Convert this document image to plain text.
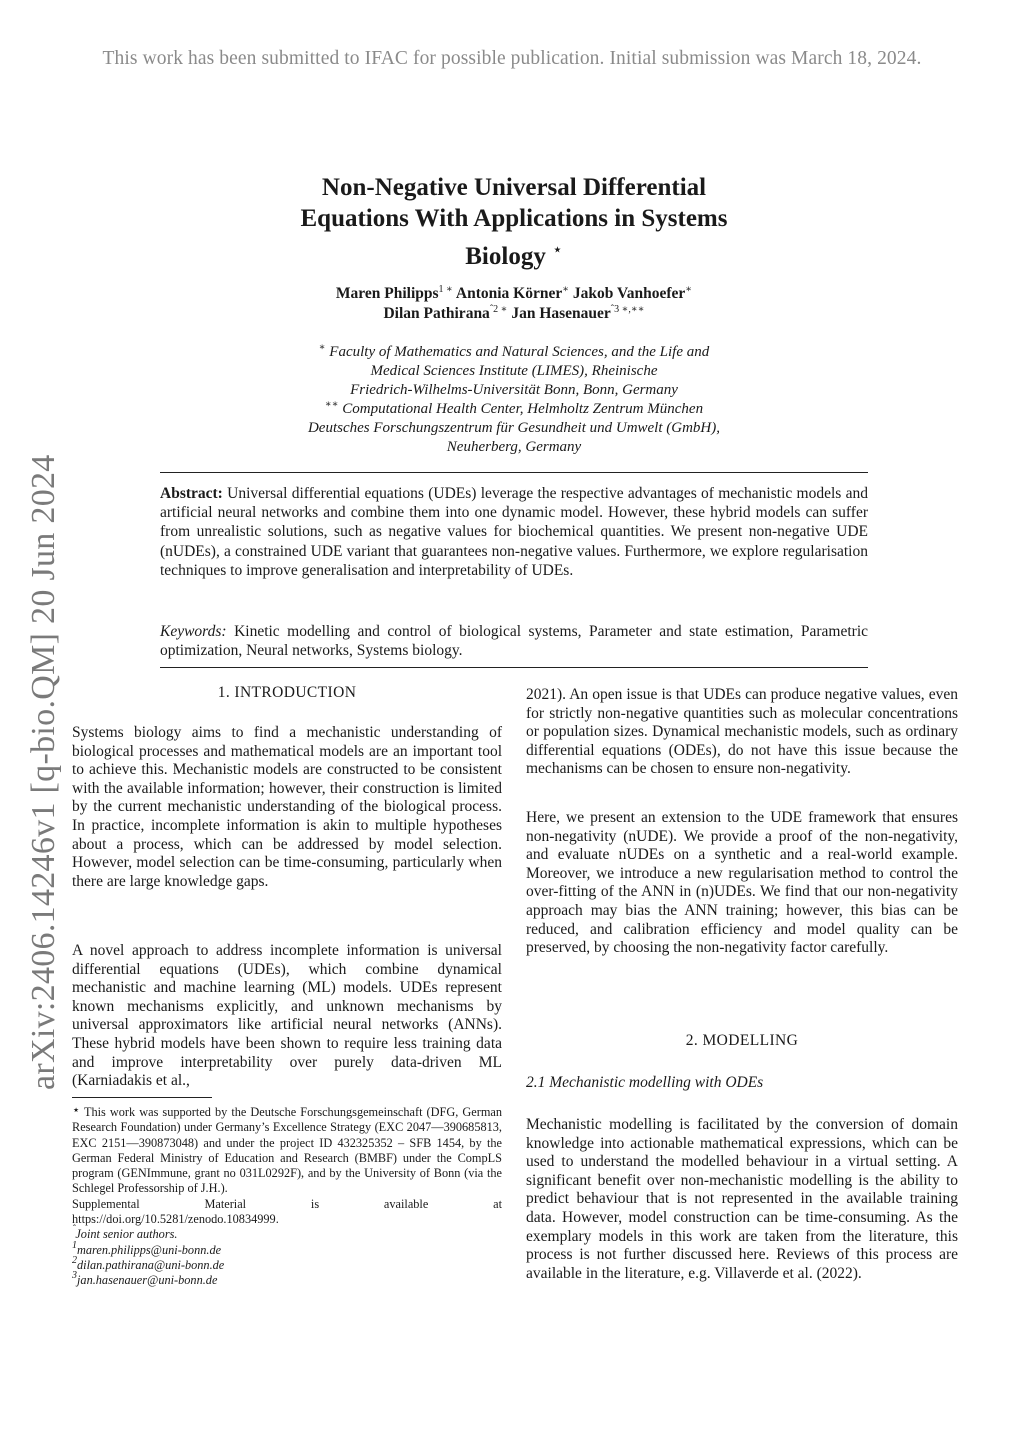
This work has been submitted to IFAC for possible publication. Initial submission was March 18, 2024.
arXiv:2406.14246v1 [q-bio.QM] 20 Jun 2024
Non-Negative Universal Differential
Equations With Applications in Systems
Biology ⋆
Maren Philipps$^{1 ∗}$ Antonia Körner∗ Jakob Vanhoefer∗
Dilan Pathirana$^{ˆ2 ∗}$ Jan Hasenauer$^{ˆ3 ∗,∗∗}$
∗ Faculty of Mathematics and Natural Sciences, and the Life and
Medical Sciences Institute (LIMES), Rheinische
Friedrich-Wilhelms-Universität Bonn, Bonn, Germany
∗∗ Computational Health Center, Helmholtz Zentrum München
Deutsches Forschungszentrum für Gesundheit und Umwelt (GmbH),
Neuherberg, Germany
Abstract: Universal differential equations (UDEs) leverage the respective advantages of mechanistic models and artificial neural networks and combine them into one dynamic model. However, these hybrid models can suffer from unrealistic solutions, such as negative values for biochemical quantities. We present non-negative UDE (nUDEs), a constrained UDE variant that guarantees non-negative values. Furthermore, we explore regularisation techniques to improve generalisation and interpretability of UDEs.
Keywords: Kinetic modelling and control of biological systems, Parameter and state estimation, Parametric optimization, Neural networks, Systems biology.
1. INTRODUCTION

Systems biology aims to find a mechanistic understanding of biological processes and mathematical models are an important tool to achieve this. Mechanistic models are constructed to be consistent with the available information; however, their construction is limited by the current mechanistic understanding of the biological process. In practice, incomplete information is akin to multiple hypotheses about a process, which can be addressed by model selection. However, model selection can be time-consuming, particularly when there are large knowledge gaps.

A novel approach to address incomplete information is universal differential equations (UDEs), which combine dynamical mechanistic and machine learning (ML) models. UDEs represent known mechanisms explicitly, and unknown mechanisms by universal approximators like artificial neural networks (ANNs). These hybrid models have been shown to require less training data and improve interpretability over purely data-driven ML (Karniadakis et al.,

⋆ This work was supported by the Deutsche Forschungsgemeinschaft (DFG, German Research Foundation) under Germany’s Excellence Strategy (EXC 2047—390685813, EXC 2151—390873048) and under the project ID 432325352 – SFB 1454, by the German Federal Ministry of Education and Research (BMBF) under the CompLS program (GENImmune, grant no 031L0292F), and by the University of Bonn (via the Schlegel Professorship of J.H.).
Supplemental	Material	is	available	at
https://doi.org/10.5281/zenodo.10834999.
$^ˆ$Joint senior authors.
$^1$maren.philipps@uni-bonn.de
$^2$dilan.pathirana@uni-bonn.de
$^3$jan.hasenauer@uni-bonn.de

2021). An open issue is that UDEs can produce negative values, even for strictly non-negative quantities such as molecular concentrations or population sizes. Dynamical mechanistic models, such as ordinary differential equations (ODEs), do not have this issue because the mechanisms can be chosen to ensure non-negativity.

Here, we present an extension to the UDE framework that ensures non-negativity (nUDE). We provide a proof of the non-negativity, and evaluate nUDEs on a synthetic and a real-world example. Moreover, we introduce a new regularisation method to control the over-fitting of the ANN in (n)UDEs. We find that our non-negativity approach may bias the ANN training; however, this bias can be reduced, and calibration efficiency and model quality can be preserved, by choosing the non-negativity factor carefully.

2. MODELLING
2.1 Mechanistic modelling with ODEs

Mechanistic modelling is facilitated by the conversion of domain knowledge into actionable mathematical expressions, which can be used to understand the modelled behaviour in a virtual setting. A significant benefit over non-mechanistic modelling is the ability to predict behaviour that is not represented in the available training data. However, model construction can be time-consuming. As the exemplary models in this work are taken from the literature, this process is not further discussed here. Reviews of this process are available in the literature, e.g. Villaverde et al. (2022).
